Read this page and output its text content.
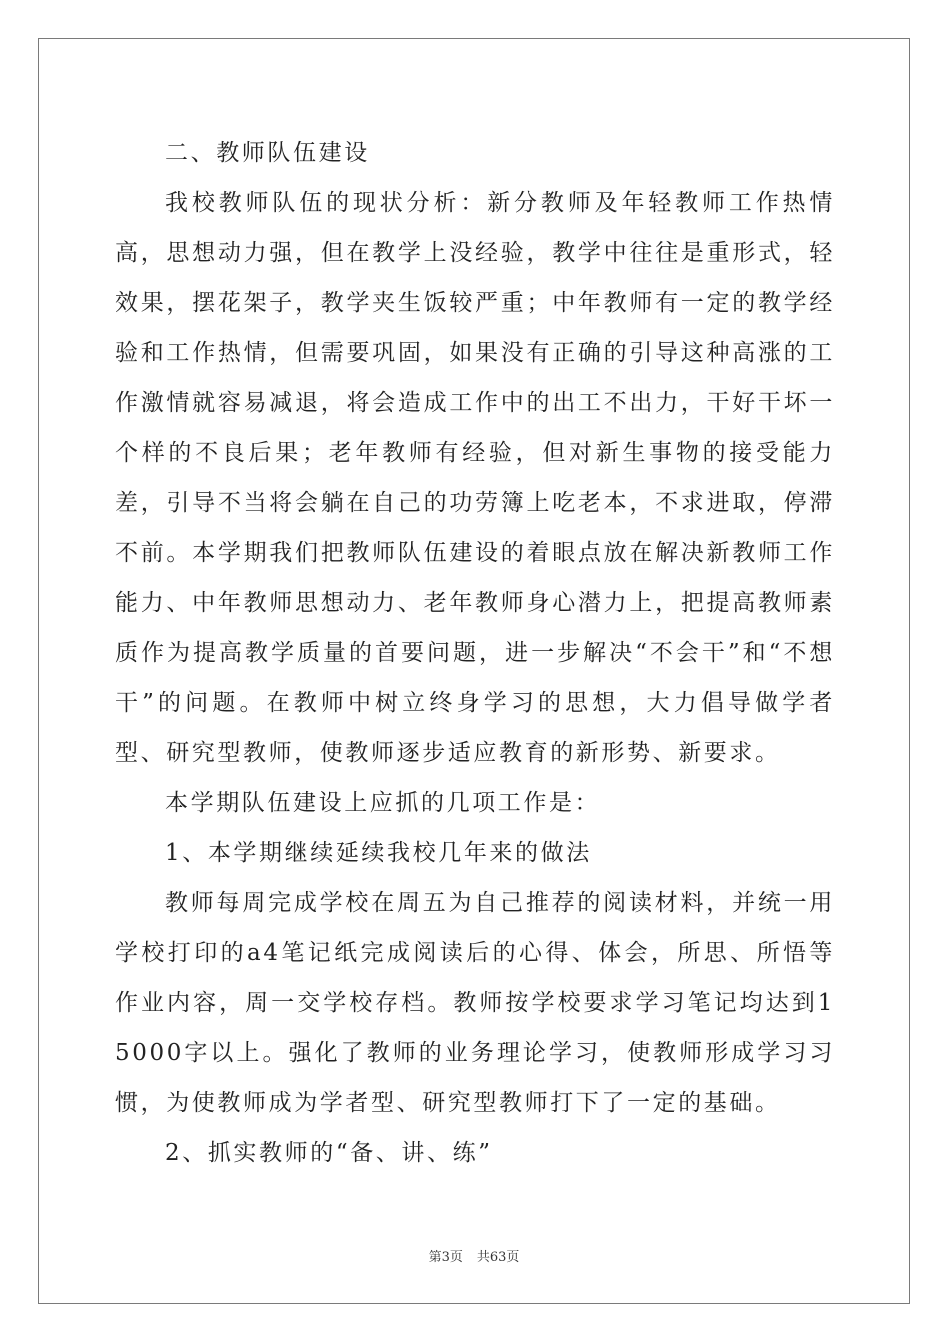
二、教师队伍建设

我校教师队伍的现状分析：新分教师及年轻教师工作热情高，思想动力强，但在教学上没经验，教学中往往是重形式，轻效果，摆花架子，教学夹生饭较严重；中年教师有一定的教学经验和工作热情，但需要巩固，如果没有正确的引导这种高涨的工作激情就容易减退，将会造成工作中的出工不出力，干好干坏一个样的不良后果；老年教师有经验，但对新生事物的接受能力差，引导不当将会躺在自己的功劳簿上吃老本，不求进取，停滞不前。本学期我们把教师队伍建设的着眼点放在解决新教师工作能力、中年教师思想动力、老年教师身心潜力上，把提高教师素质作为提高教学质量的首要问题，进一步解决“不会干”和“不想干”的问题。在教师中树立终身学习的思想，大力倡导做学者型、研究型教师，使教师逐步适应教育的新形势、新要求。

本学期队伍建设上应抓的几项工作是：

1、本学期继续延续我校几年来的做法

教师每周完成学校在周五为自己推荐的阅读材料，并统一用学校打印的a4笔记纸完成阅读后的心得、体会，所思、所悟等作业内容，周一交学校存档。教师按学校要求学习笔记均达到15000字以上。强化了教师的业务理论学习，使教师形成学习习惯，为使教师成为学者型、研究型教师打下了一定的基础。

2、抓实教师的“备、讲、练”

第3页 共63页
